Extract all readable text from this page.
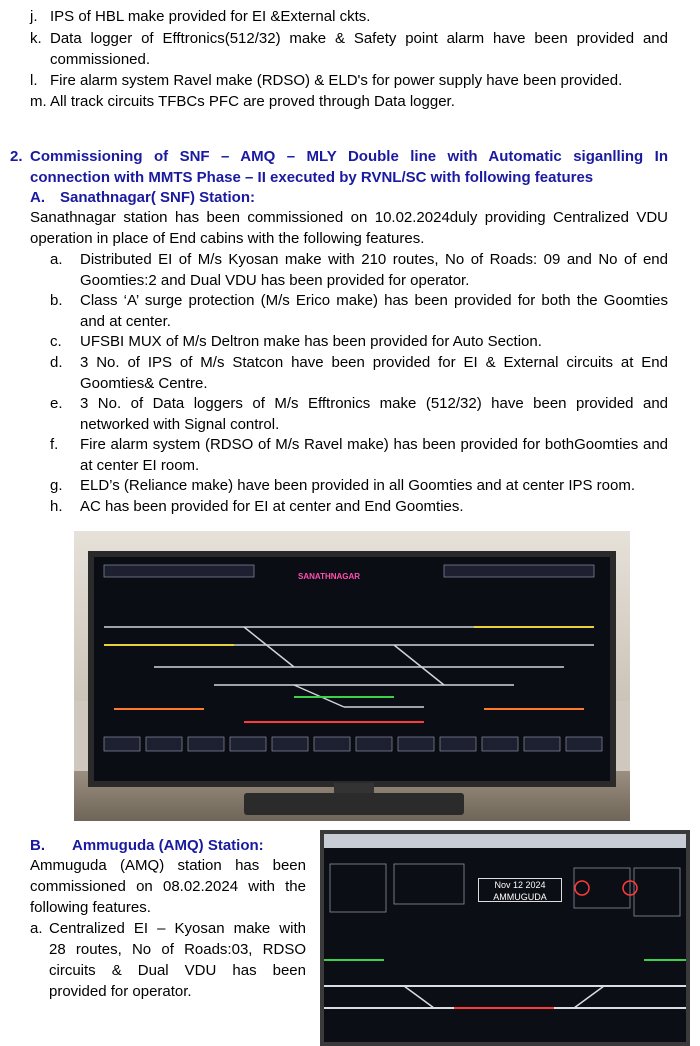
j. IPS of HBL make provided for EI &External ckts.
k. Data logger of Efftronics(512/32) make & Safety point alarm have been provided and
commissioned.
l. Fire alarm system Ravel make (RDSO) & ELD's for power supply have been provided.
m. All track circuits TFBCs PFC are proved through Data logger.
2. Commissioning of SNF – AMQ – MLY Double line with Automatic siganlling In
connection with MMTS Phase – II executed by RVNL/SC with following features
A. Sanathnagar( SNF) Station:
Sanathnagar station has been commissioned on 10.02.2024duly providing Centralized VDU operation in place of End cabins with the following features.
a. Distributed EI of M/s Kyosan make with 210 routes, No of Roads: 09 and No of end Goomties:2 and Dual VDU has been provided for operator.
b. Class ‘A’ surge protection (M/s Erico make) has been provided for both the Goomties and at center.
c. UFSBI MUX of M/s Deltron make has been provided for Auto Section.
d. 3 No. of IPS of M/s Statcon have been provided for EI & External circuits at End Goomties& Centre.
e. 3 No. of Data loggers of M/s Efftronics make (512/32) have been provided and networked with Signal control.
f. Fire alarm system (RDSO of M/s Ravel make) has been provided for bothGoomties and at center EI room.
g. ELD’s (Reliance make) have been provided in all Goomties and at center IPS room.
h. AC has been provided for EI at center and End Goomties.
SANATHNAGAR
B. Ammuguda (AMQ) Station:
Ammuguda (AMQ) station has been
commissioned on 08.02.2024 with the
following features.
a. Centralized EI – Kyosan make with
28 routes, No of Roads:03, RDSO
circuits & Dual VDU has been
provided for operator.
Nov 12 2024
AMMUGUDA
